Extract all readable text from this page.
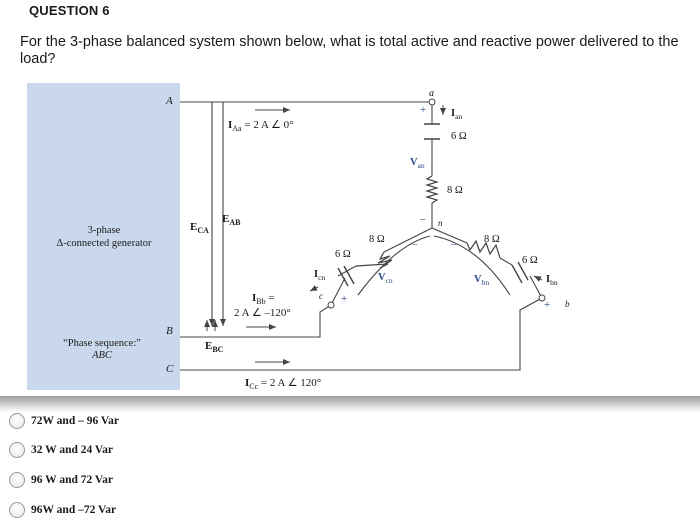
QUESTION 6
For the 3-phase balanced system shown below, what is total active and reactive power delivered to the load?
A
B
C
3-phase
Δ-connected generator
“Phase sequence:”
ABC
$E_{CA}$
$E_{AB}$
$E_{BC}$
$I_{Aa} = 2$ A ∠ 0°
$I_{Bb}$ =
2 A ∠ –120°
$I_{Cc} = 2$ A ∠ 120°
a
n
c
b
+
–
+
–	–
+
$I_{an}$
$I_{cn}$	$I_{bn}$
$V_{an}$
$V_{cn}$	$V_{bn}$
6 Ω
8 Ω
8 Ω
6 Ω
8 Ω
6 Ω
72W and – 96 Var
32 W and 24 Var
96 W and 72 Var
96W and –72 Var
